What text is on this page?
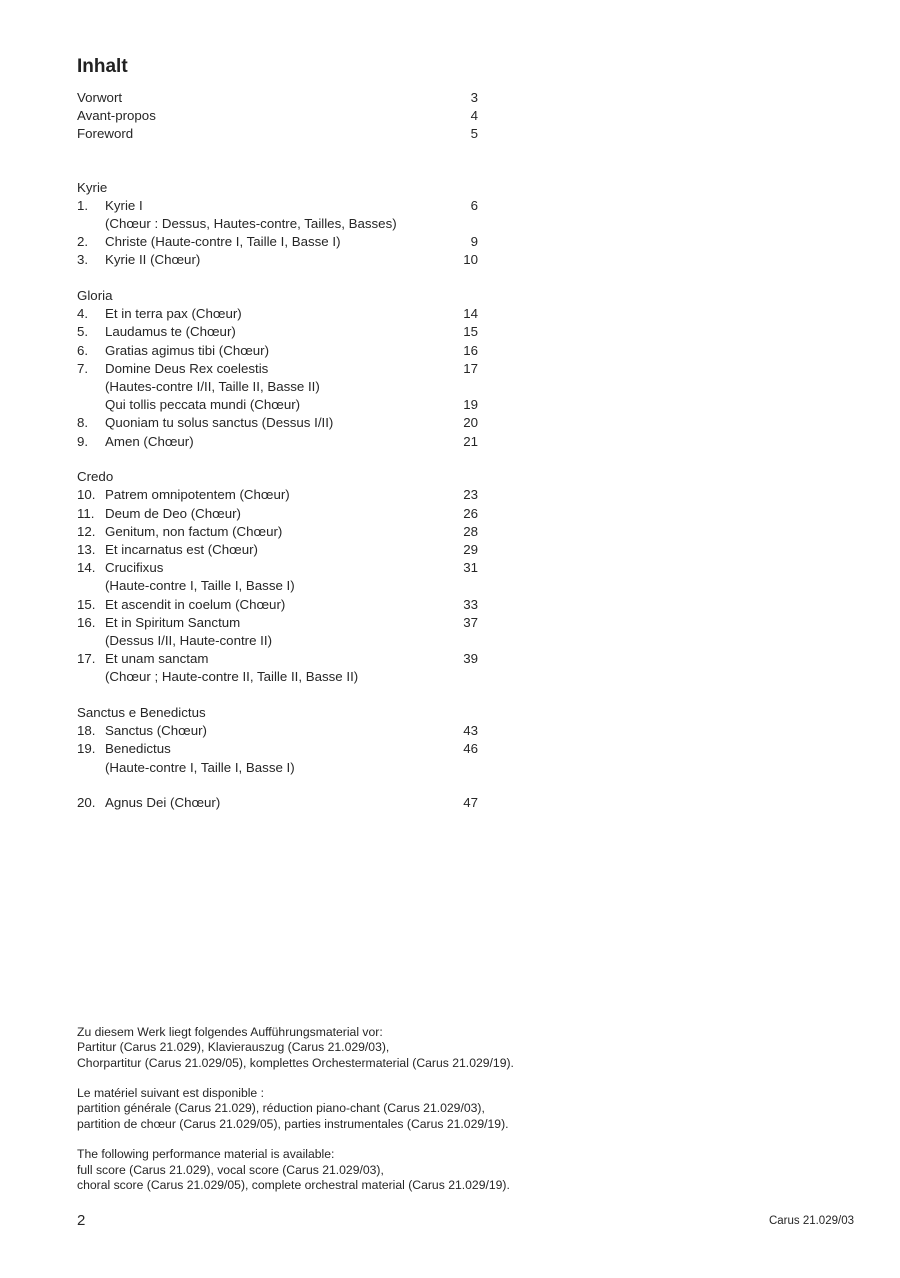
Inhalt
Vorwort	3
Avant-propos	4
Foreword	5
Kyrie
1. Kyrie I	6
(Chœur : Dessus, Hautes-contre, Tailles, Basses)
2. Christe (Haute-contre I, Taille I, Basse I)	9
3. Kyrie II (Chœur)	10
Gloria
4. Et in terra pax (Chœur)	14
5. Laudamus te (Chœur)	15
6. Gratias agimus tibi (Chœur)	16
7. Domine Deus Rex coelestis	17
(Hautes-contre I/II, Taille II, Basse II)
Qui tollis peccata mundi (Chœur)	19
8. Quoniam tu solus sanctus (Dessus I/II)	20
9. Amen (Chœur)	21
Credo
10. Patrem omnipotentem (Chœur)	23
11. Deum de Deo (Chœur)	26
12. Genitum, non factum (Chœur)	28
13. Et incarnatus est (Chœur)	29
14. Crucifixus	31
(Haute-contre I, Taille I, Basse I)
15. Et ascendit in coelum (Chœur)	33
16. Et in Spiritum Sanctum	37
(Dessus I/II, Haute-contre II)
17. Et unam sanctam	39
(Chœur ; Haute-contre II, Taille II, Basse II)
Sanctus e Benedictus
18. Sanctus (Chœur)	43
19. Benedictus	46
(Haute-contre I, Taille I, Basse I)
20. Agnus Dei (Chœur)	47

Zu diesem Werk liegt folgendes Aufführungsmaterial vor:
Partitur (Carus 21.029), Klavierauszug (Carus 21.029/03),
Chorpartitur (Carus 21.029/05), komplettes Orchestermaterial (Carus 21.029/19).

Le matériel suivant est disponible :
partition générale (Carus 21.029), réduction piano-chant (Carus 21.029/03),
partition de chœur (Carus 21.029/05), parties instrumentales (Carus 21.029/19).

The following performance material is available:
full score (Carus 21.029), vocal score (Carus 21.029/03),
choral score (Carus 21.029/05), complete orchestral material (Carus 21.029/19).

2	Carus 21.029/03
